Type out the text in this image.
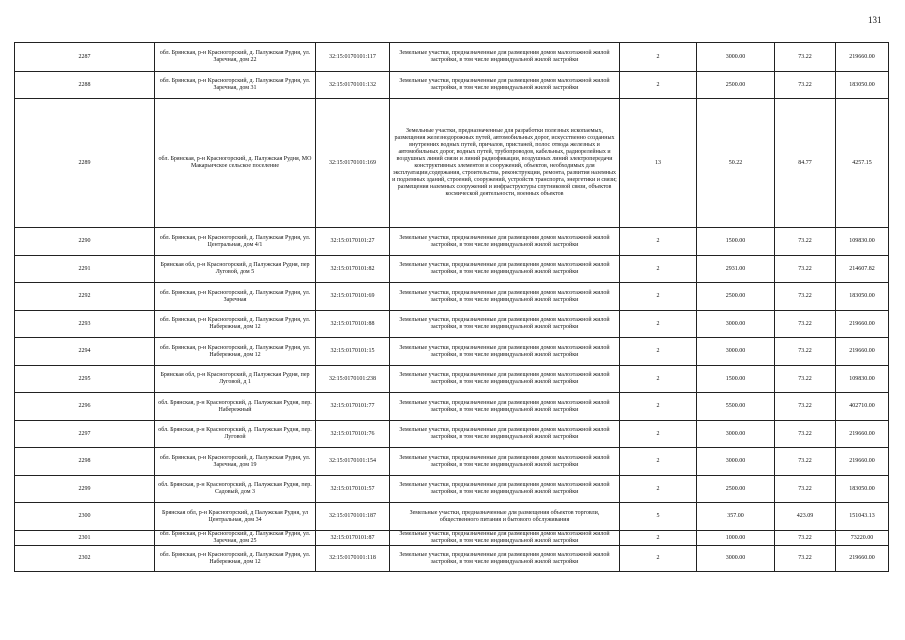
131
2287	обл. Брянская, р-н Красногорский, д. Палужская Рудня, ул. Заречная, дом 22	32:15:0170101:117	Земельные участки, предназначенные для размещения домов малоэтажной жилой застройки, в том числе индивидуальной жилой застройки	2	3000.00	73.22	219660.00
2288	обл. Брянская, р-н Красногорский, д. Палужская Рудня, ул. Заречная, дом 31	32:15:0170101:132	Земельные участки, предназначенные для размещения домов малоэтажной жилой застройки, в том числе индивидуальной жилой застройки	2	2500.00	73.22	183050.00
2289	обл. Брянская, р-н Красногорский, д. Палужская Рудня, МО Макарьичское сельское поселение	32:15:0170101:169	Земельные участки, предназначенные для разработки полезных ископаемых, размещения железнодорожных путей, автомобильных дорог, искусственно созданных внутренних водных путей, причалов, пристаней, полос отвода железных и автомобильных дорог, водных путей, трубопроводов, кабельных, радиорелейных и воздушных линий связи и линий радиофикации, воздушных линий электропередачи конструктивных элементов и сооружений, объектов, необходимых для эксплуатации,содержания, строительства, реконструкции, ремонта, развития наземных и подземных зданий, строений, сооружений, устройств транспорта, энергетики и связи; размещения наземных сооружений и инфраструктуры спутниковой связи, объектов космической деятельности, военных объектов	13	50.22	84.77	4257.15
2290	обл. Брянская, р-н Красногорский, д. Палужская Рудня, ул. Центральная, дом 4/1	32:15:0170101:27	Земельные участки, предназначенные для размещения домов малоэтажной жилой застройки, в том числе индивидуальной жилой застройки	2	1500.00	73.22	109830.00
2291	Брянская обл, р-н Красногорский, д Палужская Рудня, пер Луговой, дом 5	32:15:0170101:82	Земельные участки, предназначенные для размещения домов малоэтажной жилой застройки, в том числе индивидуальной жилой застройки	2	2931.00	73.22	214607.82
2292	обл. Брянская, р-н Красногорский, д. Палужская Рудня, ул. Заречная	32:15:0170101:69	Земельные участки, предназначенные для размещения домов малоэтажной жилой застройки, в том числе индивидуальной жилой застройки	2	2500.00	73.22	183050.00
2293	обл. Брянская, р-н Красногорский, д. Палужская Рудня, ул. Набережная, дом 12	32:15:0170101:88	Земельные участки, предназначенные для размещения домов малоэтажной жилой застройки, в том числе индивидуальной жилой застройки	2	3000.00	73.22	219660.00
2294	обл. Брянская, р-н Красногорский, д. Палужская Рудня, ул. Набережная, дом 12	32:15:0170101:15	Земельные участки, предназначенные для размещения домов малоэтажной жилой застройки, в том числе индивидуальной жилой застройки	2	3000.00	73.22	219660.00
2295	Брянская обл, р-н Красногорский, д Палужская Рудня, пер Луговой, д 1	32:15:0170101:238	Земельные участки, предназначенные для размещения домов малоэтажной жилой застройки, в том числе индивидуальной жилой застройки	2	1500.00	73.22	109830.00
2296	обл. Брянская, р-н Красногорский, д. Палужская Рудня, пер. Набережный	32:15:0170101:77	Земельные участки, предназначенные для размещения домов малоэтажной жилой застройки, в том числе индивидуальной жилой застройки	2	5500.00	73.22	402710.00
2297	обл. Брянская, р-н Красногорский, д. Палужская Рудня, пер. Луговой	32:15:0170101:76	Земельные участки, предназначенные для размещения домов малоэтажной жилой застройки, в том числе индивидуальной жилой застройки	2	3000.00	73.22	219660.00
2298	обл. Брянская, р-н Красногорский, д. Палужская Рудня, ул. Заречная, дом 19	32:15:0170101:154	Земельные участки, предназначенные для размещения домов малоэтажной жилой застройки, в том числе индивидуальной жилой застройки	2	3000.00	73.22	219660.00
2299	обл. Брянская, р-н Красногорский, д. Палужская Рудня, пер. Садовый, дом 3	32:15:0170101:57	Земельные участки, предназначенные для размещения домов малоэтажной жилой застройки, в том числе индивидуальной жилой застройки	2	2500.00	73.22	183050.00
2300	Брянская обл, р-н Красногорский, д Палужская Рудня, ул Центральная, дом 34	32:15:0170101:187	Земельные участки, предназначенные для размещения объектов торговли, общественного питания и бытового обслуживания	5	357.00	423.09	151043.13
2301	обл. Брянская, р-н Красногорский, д. Палужская Рудня, ул. Заречная, дом 25	32:15:0170101:87	Земельные участки, предназначенные для размещения домов малоэтажной жилой застройки, в том числе индивидуальной жилой застройки	2	1000.00	73.22	73220.00
2302	обл. Брянская, р-н Красногорский, д. Палужская Рудня, ул. Набережная, дом 12	32:15:0170101:118	Земельные участки, предназначенные для размещения домов малоэтажной жилой застройки, в том числе индивидуальной жилой застройки	2	3000.00	73.22	219660.00
